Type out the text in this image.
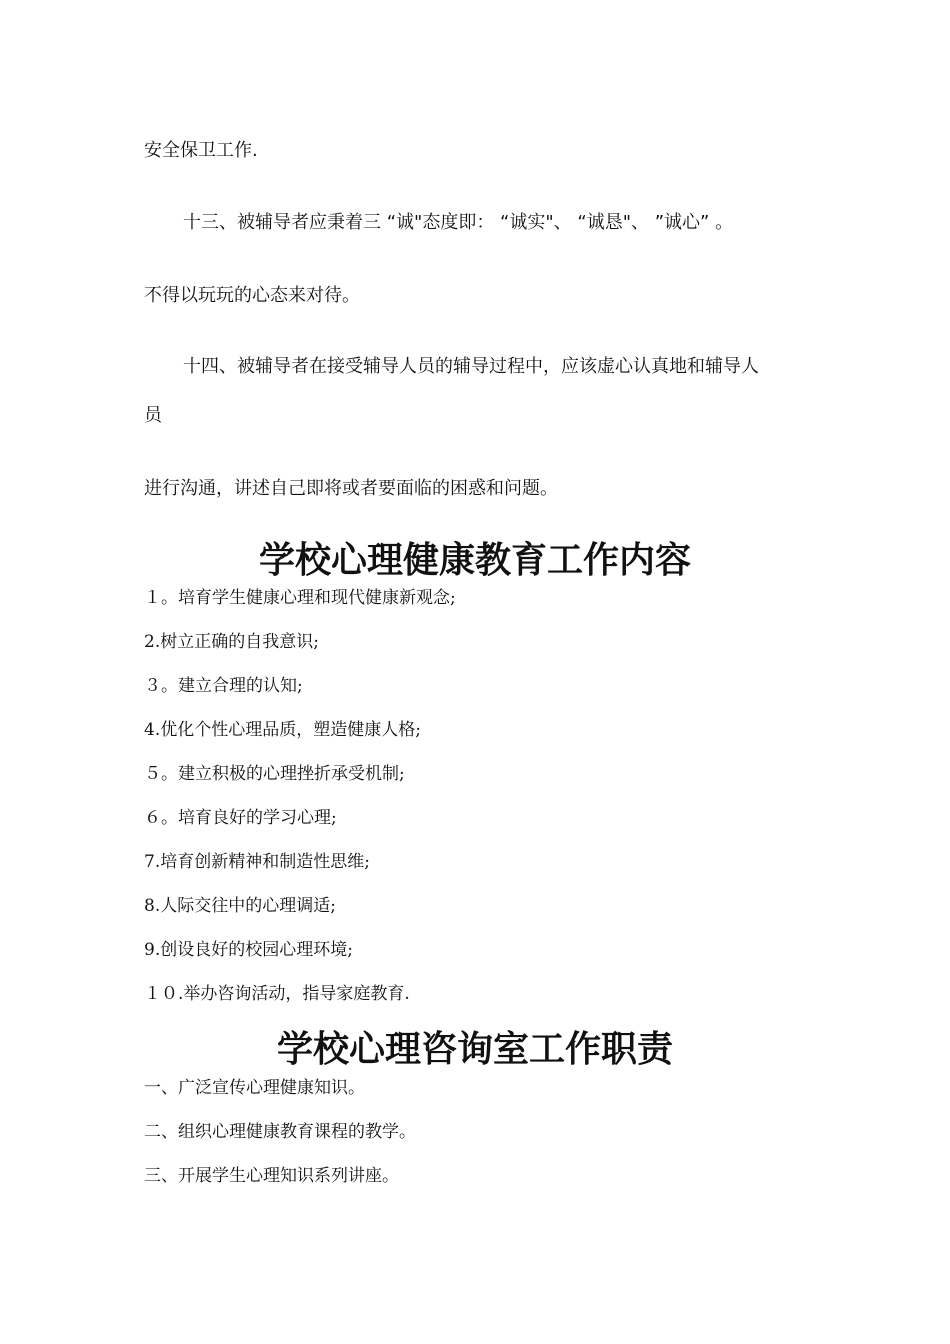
安全保卫工作.
十三、被辅导者应秉着三 “诚"态度即： “诚实"、 “诚恳"、 ”诚心” 。
不得以玩玩的心态来对待。
十四、被辅导者在接受辅导人员的辅导过程中，应该虚心认真地和辅导人
员
进行沟通，讲述自己即将或者要面临的困惑和问题。
学校心理健康教育工作内容
１。培育学生健康心理和现代健康新观念;
2.树立正确的自我意识;
３。建立合理的认知;
4.优化个性心理品质，塑造健康人格;
５。建立积极的心理挫折承受机制;
６。培育良好的学习心理;
7.培育创新精神和制造性思维;
8.人际交往中的心理调适;
9.创设良好的校园心理环境;
１０.举办咨询活动，指导家庭教育.
学校心理咨询室工作职责
一、广泛宣传心理健康知识。
二、组织心理健康教育课程的教学。
三、开展学生心理知识系列讲座。
